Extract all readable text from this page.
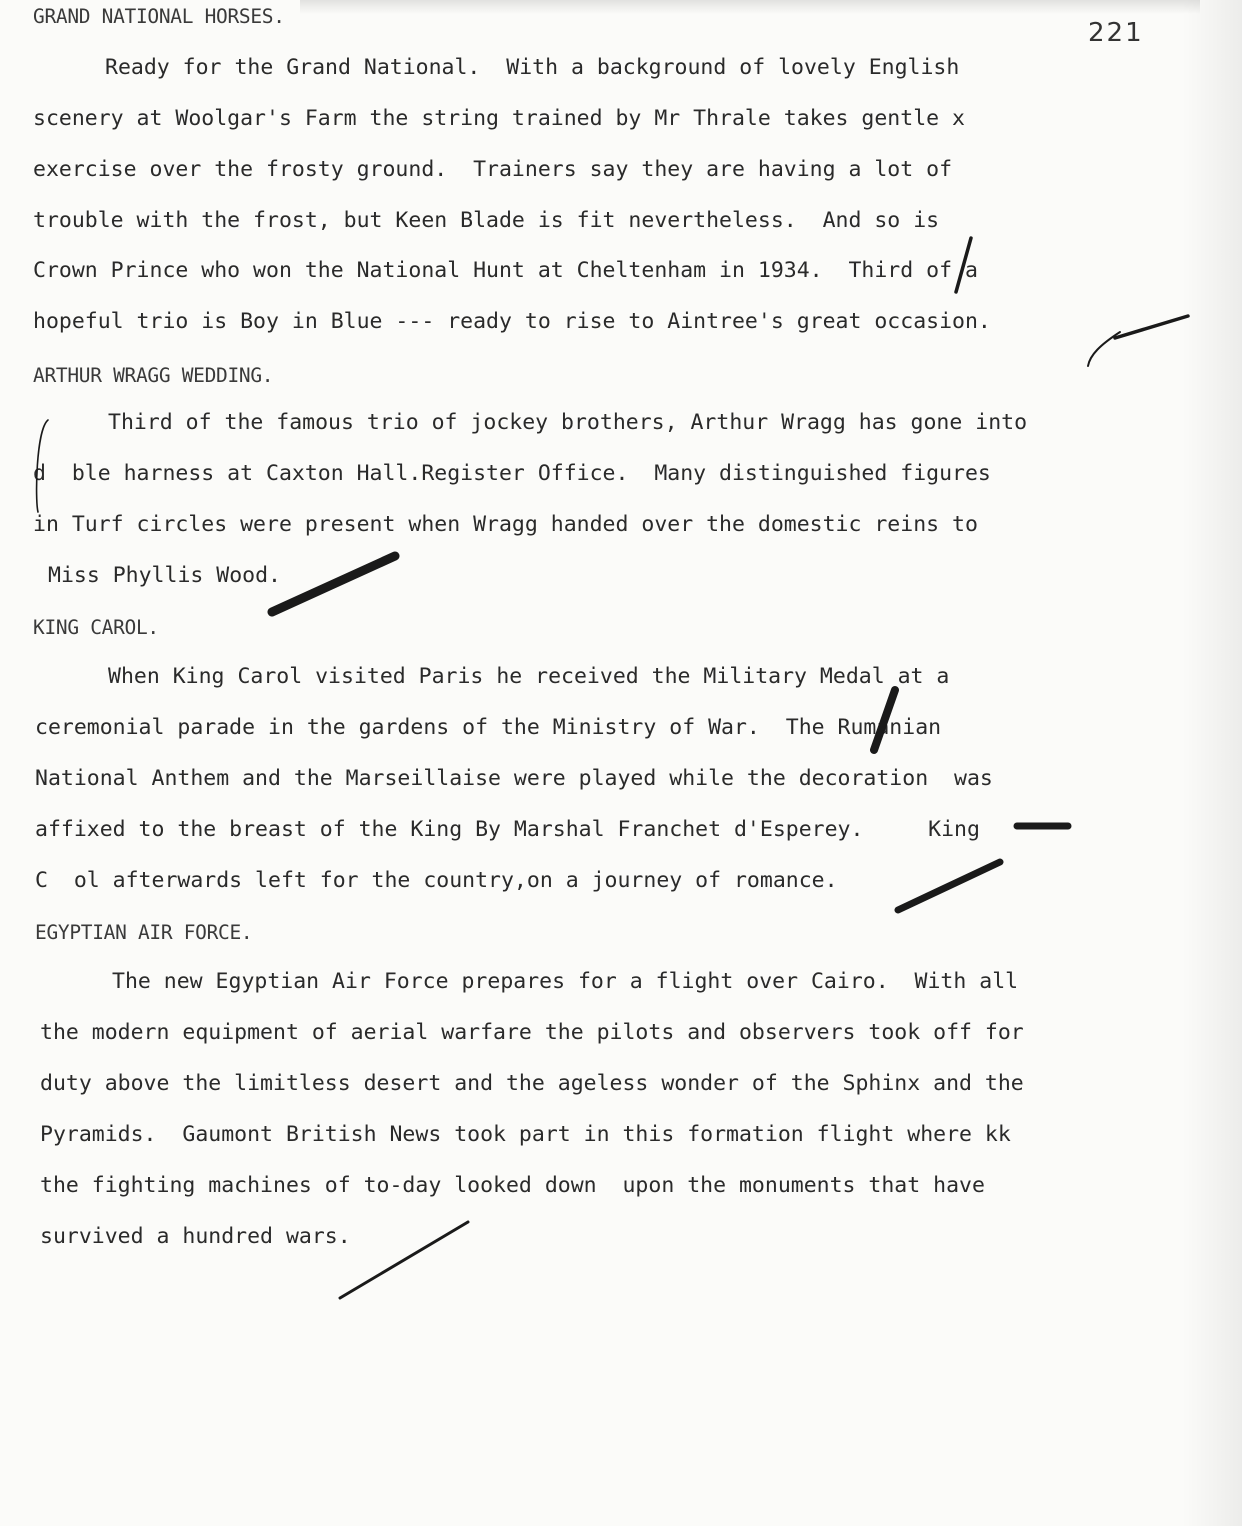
221
GRAND NATIONAL HORSES.
Ready for the Grand National.  With a background of lovely English
scenery at Woolgar's Farm the string trained by Mr Thrale takes gentle x
exercise over the frosty ground.  Trainers say they are having a lot of
trouble with the frost, but Keen Blade is fit nevertheless.  And so is
Crown Prince who won the National Hunt at Cheltenham in 1934.  Third of a
hopeful trio is Boy in Blue --- ready to rise to Aintree's great occasion.
ARTHUR WRAGG WEDDING.
Third of the famous trio of jockey brothers, Arthur Wragg has gone into
d  ble harness at Caxton Hall.Register Office.  Many distinguished figures
in Turf circles were present when Wragg handed over the domestic reins to
Miss Phyllis Wood.
KING CAROL.
When King Carol visited Paris he received the Military Medal at a
ceremonial parade in the gardens of the Ministry of War.  The Rumanian
National Anthem and the Marseillaise were played while the decoration  was
affixed to the breast of the King By Marshal Franchet d'Esperey.     King
C  ol afterwards left for the country,on a journey of romance.
EGYPTIAN AIR FORCE.
The new Egyptian Air Force prepares for a flight over Cairo.  With all
the modern equipment of aerial warfare the pilots and observers took off for
duty above the limitless desert and the ageless wonder of the Sphinx and the
Pyramids.  Gaumont British News took part in this formation flight where kk
the fighting machines of to-day looked down  upon the monuments that have
survived a hundred wars.
